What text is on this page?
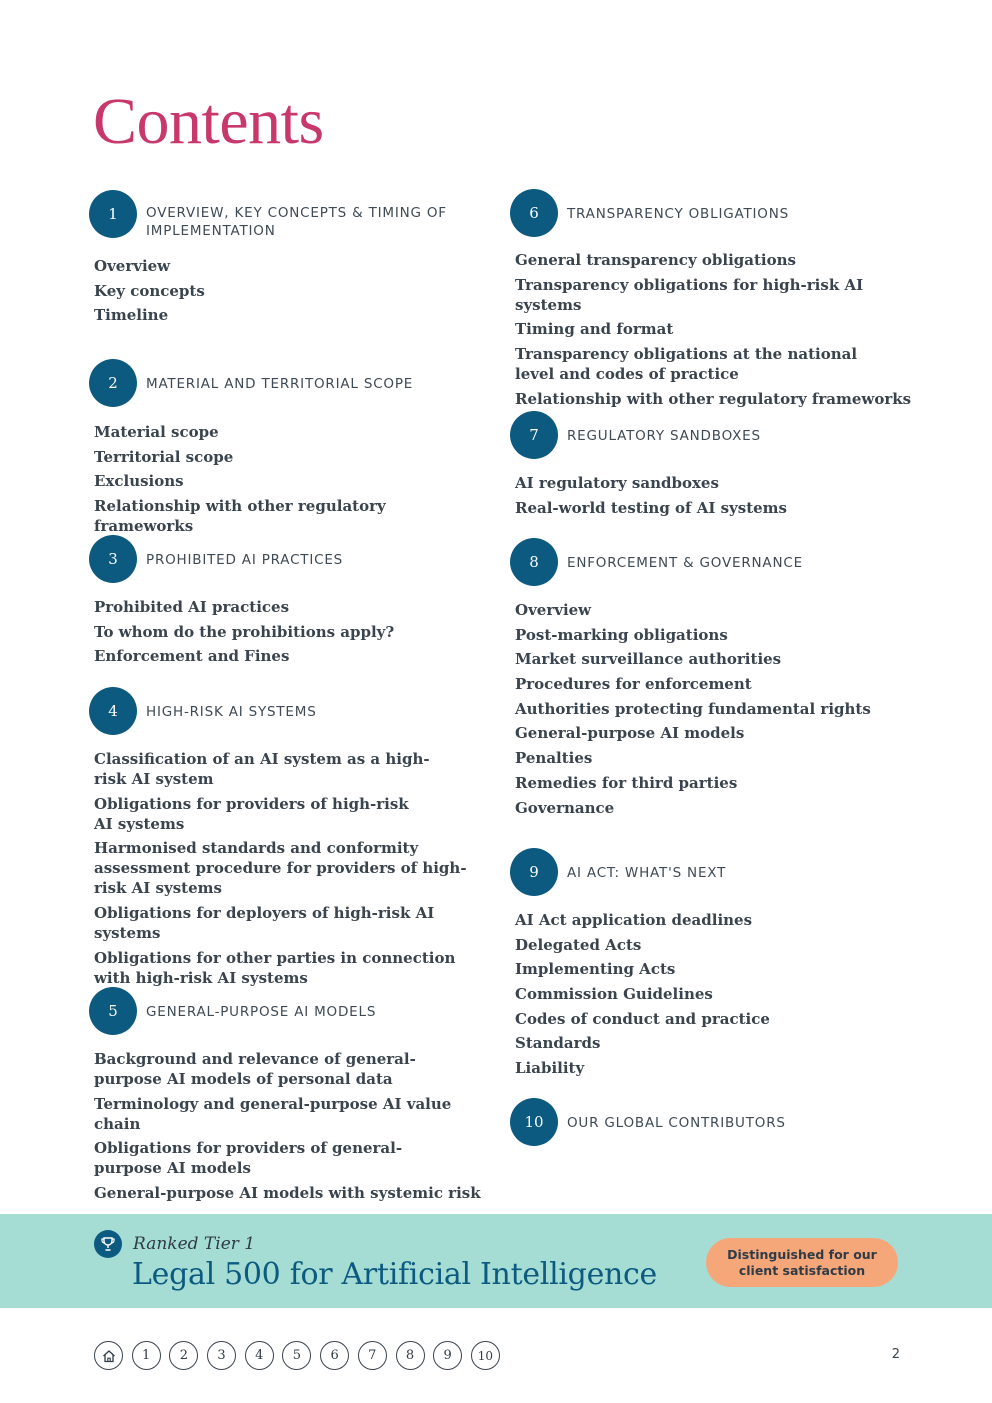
Contents
1	OVERVIEW, KEY CONCEPTS & TIMING OF IMPLEMENTATION
Overview
Key concepts
Timeline
2	MATERIAL AND TERRITORIAL SCOPE
Material scope
Territorial scope
Exclusions
Relationship with other regulatory frameworks
3	PROHIBITED AI PRACTICES
Prohibited AI practices
To whom do the prohibitions apply?
Enforcement and Fines
4	HIGH-RISK AI SYSTEMS
Classification of an AI system as a high-risk AI system
Obligations for providers of high-risk AI systems
Harmonised standards and conformity assessment procedure for providers of high-risk AI systems
Obligations for deployers of high-risk AI systems
Obligations for other parties in connection with high-risk AI systems
5	GENERAL-PURPOSE AI MODELS
Background and relevance of general-purpose AI models of personal data
Terminology and general-purpose AI value chain
Obligations for providers of general-purpose AI models
General-purpose AI models with systemic risk
6	TRANSPARENCY OBLIGATIONS
General transparency obligations
Transparency obligations for high-risk AI systems
Timing and format
Transparency obligations at the national level and codes of practice
Relationship with other regulatory frameworks
7	REGULATORY SANDBOXES
AI regulatory sandboxes
Real-world testing of AI systems
8	ENFORCEMENT & GOVERNANCE
Overview
Post-marking obligations
Market surveillance authorities
Procedures for enforcement
Authorities protecting fundamental rights
General-purpose AI models
Penalties
Remedies for third parties
Governance
9	AI ACT: WHAT'S NEXT
AI Act application deadlines
Delegated Acts
Implementing Acts
Commission Guidelines
Codes of conduct and practice
Standards
Liability
10	OUR GLOBAL CONTRIBUTORS
Ranked Tier 1
Legal 500 for Artificial Intelligence
Distinguished for our client satisfaction
1	2	3	4	5	6	7	8	9	10	2
